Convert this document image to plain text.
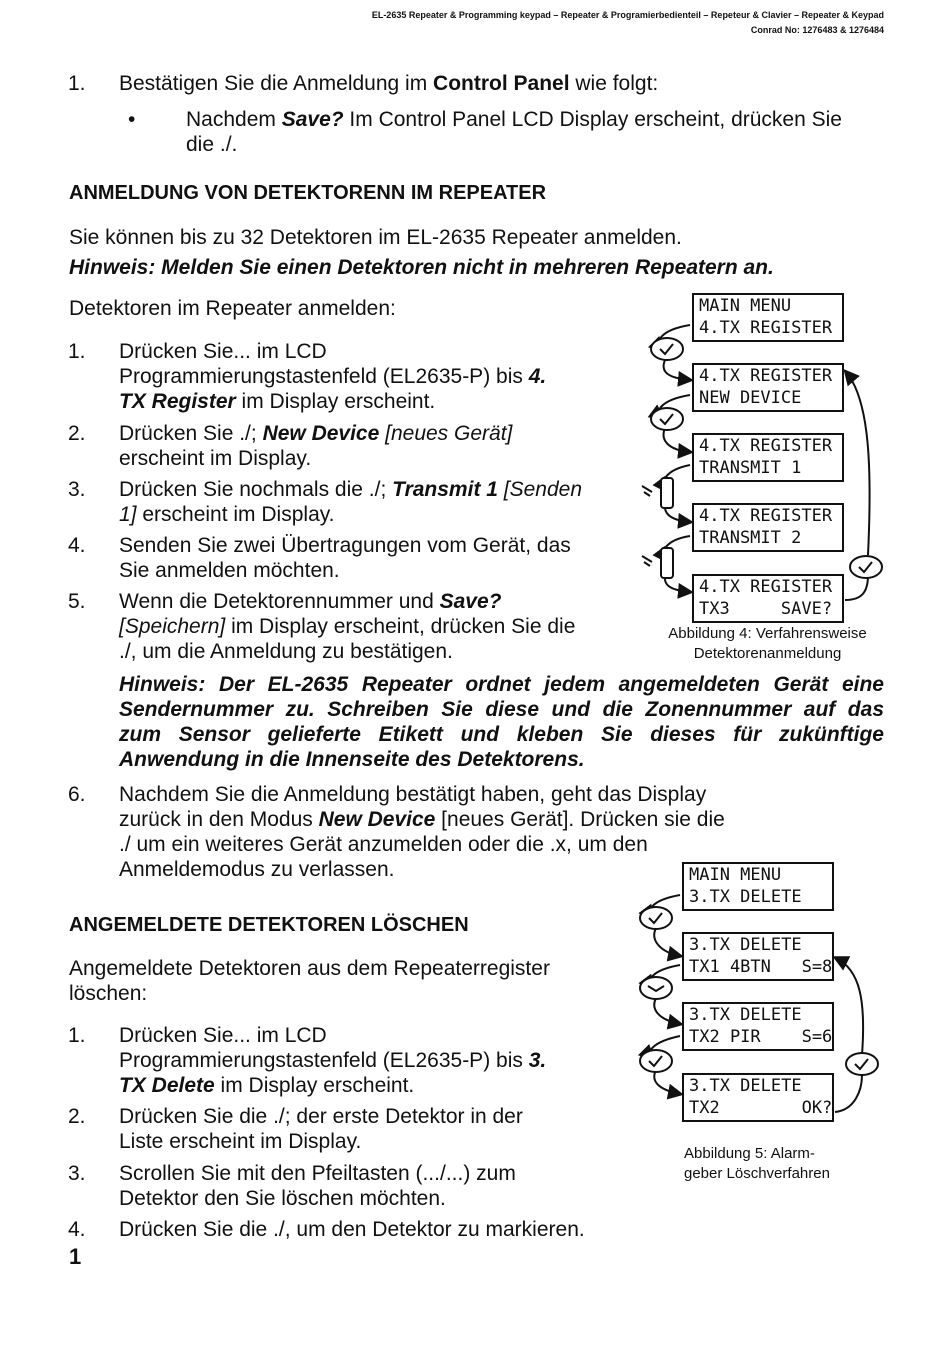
EL-2635 Repeater & Programming keypad – Repeater & Programierbedienteil – Repeteur & Clavier – Repeater & Keypad
Conrad No: 1276483 & 1276484
1.	Bestätigen Sie die Anmeldung im Control Panel wie folgt:
• Nachdem Save? Im Control Panel LCD Display erscheint, drücken Sie
die ./.
ANMELDUNG VON DETEKTORENN IM REPEATER
Sie können bis zu 32 Detektoren im EL-2635 Repeater anmelden.
Hinweis: Melden Sie einen Detektoren nicht in mehreren Repeatern an.
Detektoren im Repeater anmelden:
1.	Drücken Sie... im LCD
Programmierungstastenfeld (EL2635-P) bis 4.
TX Register im Display erscheint.
2.	Drücken Sie ./; New Device [neues Gerät]
erscheint im Display.
3.	Drücken Sie nochmals die ./; Transmit 1 [Senden
1] erscheint im Display.
4.	Senden Sie zwei Übertragungen vom Gerät, das
Sie anmelden möchten.
5.	Wenn die Detektorennummer und Save?
[Speichern] im Display erscheint, drücken Sie die
./, um die Anmeldung zu bestätigen.
Hinweis: Der EL-2635 Repeater ordnet jedem angemeldeten Gerät eine
Sendernummer zu. Schreiben Sie diese und die Zonennummer auf das
zum Sensor gelieferte Etikett und kleben Sie dieses für zukünftige
Anwendung in die Innenseite des Detektorens.
6.	Nachdem Sie die Anmeldung bestätigt haben, geht das Display
zurück in den Modus New Device [neues Gerät]. Drücken sie die
./ um ein weiteres Gerät anzumelden oder die .x, um den
Anmeldemodus zu verlassen.
ANGEMELDETE DETEKTOREN LÖSCHEN
Angemeldete Detektoren aus dem Repeaterregister
löschen:
1.	Drücken Sie... im LCD
Programmierungstastenfeld (EL2635-P) bis 3.
TX Delete im Display erscheint.
2.	Drücken Sie die ./; der erste Detektor in der
Liste erscheint im Display.
3.	Scrollen Sie mit den Pfeiltasten (.../...) zum
Detektor den Sie löschen möchten.
4.	Drücken Sie die ./, um den Detektor zu markieren.
1
MAIN MENU
4.TX REGISTER
4.TX REGISTER
NEW DEVICE
4.TX REGISTER
TRANSMIT 1
4.TX REGISTER
TRANSMIT 2
4.TX REGISTER
TX3     SAVE?
Abbildung 4: Verfahrensweise
Detektorenanmeldung
MAIN MENU
3.TX DELETE
3.TX DELETE
TX1 4BTN   S=8
3.TX DELETE
TX2 PIR    S=6
3.TX DELETE
TX2        OK?
Abbildung 5: Alarm-
geber Löschverfahren
